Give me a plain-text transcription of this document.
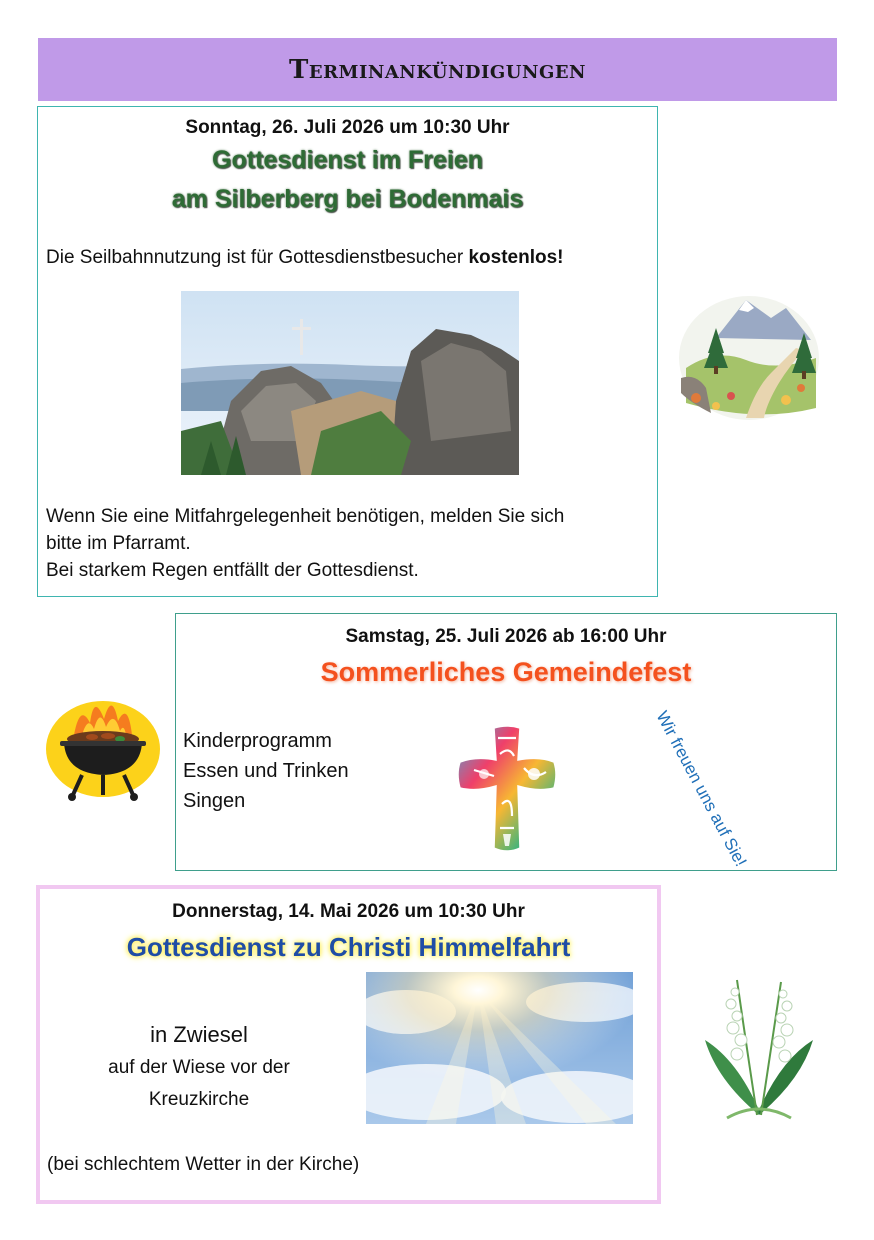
Terminankündigungen
Sonntag, 26. Juli 2026 um 10:30 Uhr
Gottesdienst im Freien
am Silberberg bei Bodenmais
Die Seilbahnnutzung ist für Gottesdienstbesucher kostenlos!
Wenn Sie eine Mitfahrgelegenheit benötigen, melden Sie sich
bitte im Pfarramt.
Bei starkem Regen entfällt der Gottesdienst.
Samstag, 25. Juli 2026 ab 16:00 Uhr
Sommerliches Gemeindefest
Kinderprogramm
Essen und Trinken
Singen	Wir freuen uns auf Sie!
Donnerstag, 14. Mai 2026 um 10:30 Uhr
Gottesdienst zu Christi Himmelfahrt
in Zwiesel
auf der Wiese vor der
Kreuzkirche
(bei schlechtem Wetter in der Kirche)
